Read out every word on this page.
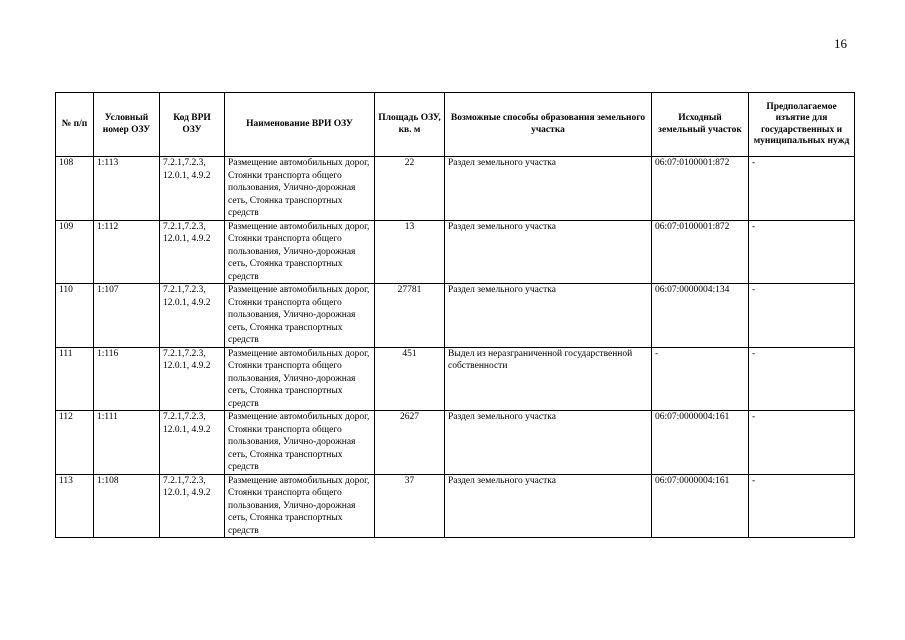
16
№ п/п	Условный номер ОЗУ	Код ВРИ ОЗУ	Наименование ВРИ ОЗУ	Площадь ОЗУ, кв. м	Возможные способы образования земельного участка	Исходный земельный участок	Предполагаемое изъятие для государственных и муниципальных нужд
108	1:113	7.2.1,7.2.3, 12.0.1, 4.9.2	Размещение автомобильных дорог, Стоянки транспорта общего пользования, Улично-дорожная сеть, Стоянка транспортных средств	22	Раздел земельного участка	06:07:0100001:872	-
109	1:112	7.2.1,7.2.3, 12.0.1, 4.9.2	Размещение автомобильных дорог, Стоянки транспорта общего пользования, Улично-дорожная сеть, Стоянка транспортных средств	13	Раздел земельного участка	06:07:0100001:872	-
110	1:107	7.2.1,7.2.3, 12.0.1, 4.9.2	Размещение автомобильных дорог, Стоянки транспорта общего пользования, Улично-дорожная сеть, Стоянка транспортных средств	27781	Раздел земельного участка	06:07:0000004:134	-
111	1:116	7.2.1,7.2.3, 12.0.1, 4.9.2	Размещение автомобильных дорог, Стоянки транспорта общего пользования, Улично-дорожная сеть, Стоянка транспортных средств	451	Выдел из неразграниченной государственной собственности	-	-
112	1:111	7.2.1,7.2.3, 12.0.1, 4.9.2	Размещение автомобильных дорог, Стоянки транспорта общего пользования, Улично-дорожная сеть, Стоянка транспортных средств	2627	Раздел земельного участка	06:07:0000004:161	-
113	1:108	7.2.1,7.2.3, 12.0.1, 4.9.2	Размещение автомобильных дорог, Стоянки транспорта общего пользования, Улично-дорожная сеть, Стоянка транспортных средств	37	Раздел земельного участка	06:07:0000004:161	-
